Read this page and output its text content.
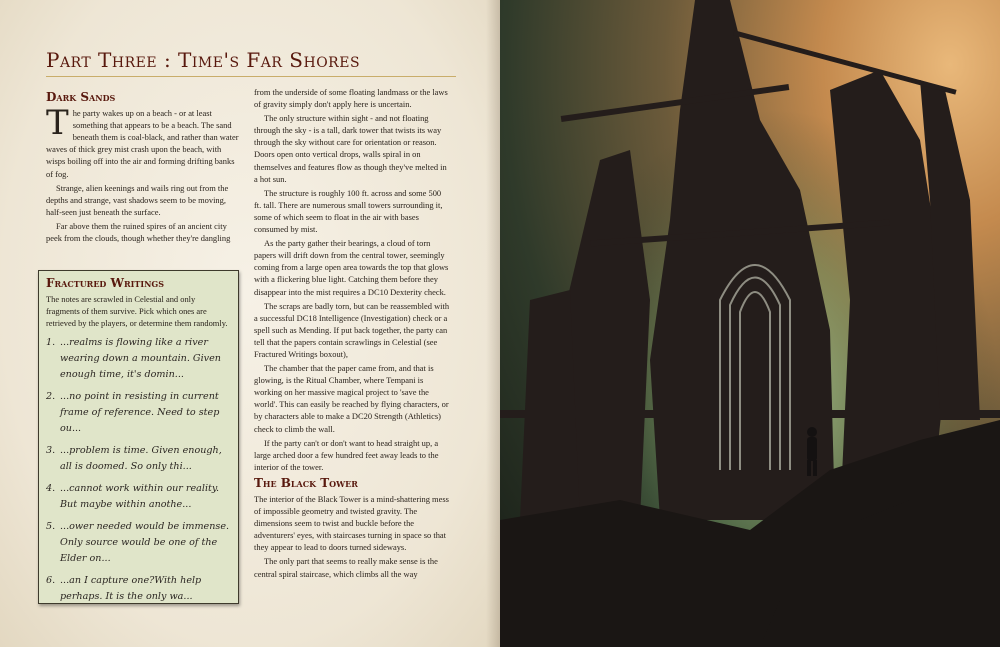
Part Three : Time's Far Shores
Dark Sands

The party wakes up on a beach - or at least something that appears to be a beach. The sand beneath them is coal-black, and rather than water waves of thick grey mist crash upon the beach, with wisps boiling off into the air and forming drifting banks of fog.

Strange, alien keenings and wails ring out from the depths and strange, vast shadows seem to be moving, half-seen just beneath the surface.

Far above them the ruined spires of an ancient city peek from the clouds, though whether they're dangling

Fractured Writings

The notes are scrawled in Celestial and only fragments of them survive. Pick which ones are retrieved by the players, or determine them randomly.

1. ...realms is flowing like a river wearing down a mountain. Given enough time, it's domin...
2. ...no point in resisting in current frame of reference. Need to step ou...
3. ...problem is time. Given enough, all is doomed. So only thi...
4. ...cannot work within our reality. But maybe within anothe...
5. ...ower needed would be immense. Only source would be one of the Elder on...
6. ...an I capture one?With help perhaps. It is the only wa...

from the underside of some floating landmass or the laws of gravity simply don't apply here is uncertain.

The only structure within sight - and not floating through the sky - is a tall, dark tower that twists its way through the sky without care for orientation or reason. Doors open onto vertical drops, walls spiral in on themselves and features flow as though they've melted in a hot sun.

The structure is roughly 100 ft. across and some 500 ft. tall. There are numerous small towers surrounding it, some of which seem to float in the air with bases consumed by mist.

As the party gather their bearings, a cloud of torn papers will drift down from the central tower, seemingly coming from a large open area towards the top that glows with a flickering blue light. Catching them before they disappear into the mist requires a DC10 Dexterity check.

The scraps are badly torn, but can be reassembled with a successful DC18 Intelligence (Investigation) check or a spell such as Mending. If put back together, the party can tell that the papers contain scrawlings in Celestial (see Fractured Writings boxout),

The chamber that the paper came from, and that is glowing, is the Ritual Chamber, where Tempani is working on her massive magical project to 'save the world'. This can easily be reached by flying characters, or by characters able to make a DC20 Strength (Athletics) check to climb the wall.

If the party can't or don't want to head straight up, a large arched door a few hundred feet away leads to the interior of the tower.

The Black Tower

The interior of the Black Tower is a mind-shattering mess of impossible geometry and twisted gravity. The dimensions seem to twist and buckle before the adventurers' eyes, with staircases turning in space so that they appear to lead to doors turned sideways.

The only part that seems to really make sense is the central spiral staircase, which climbs all the way
